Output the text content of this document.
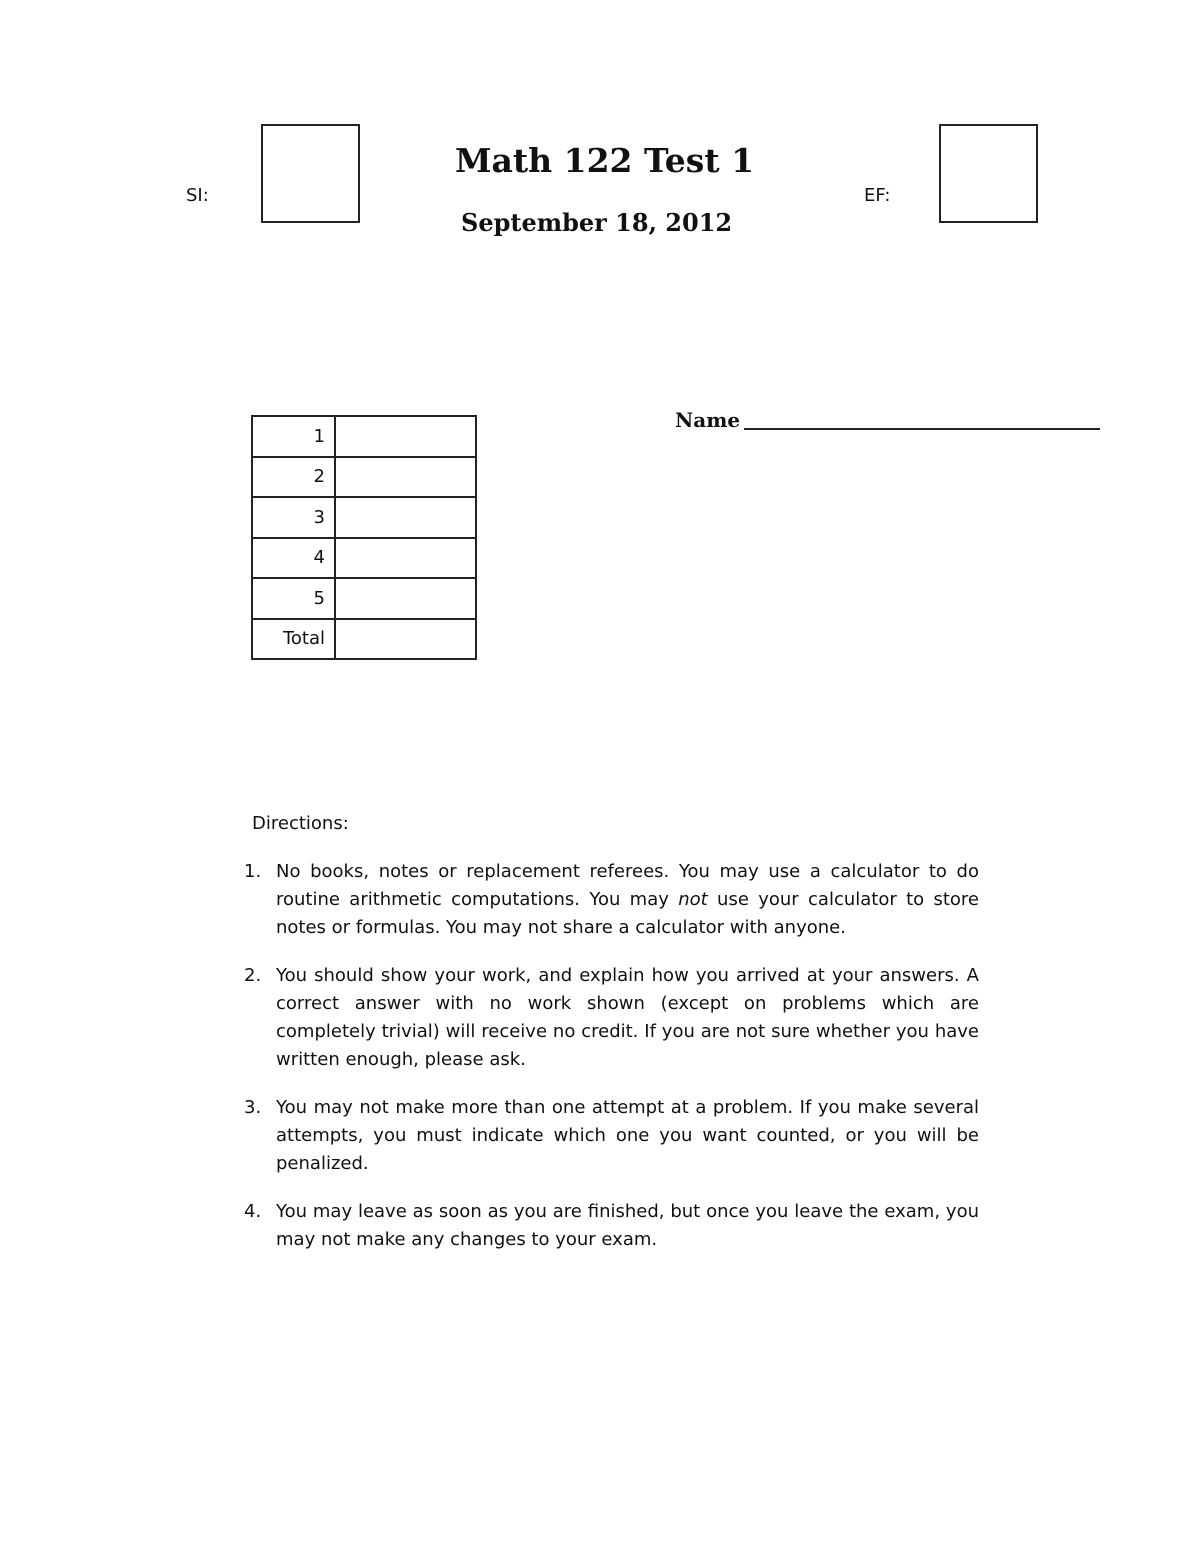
SI:
Math 122 Test 1
September 18, 2012
EF:
1	
2	
3	
4	
5	
Total	
Name
Directions:
1. No books, notes or replacement referees. You may use a calculator to do routine arithmetic computations. You may not use your calculator to store notes or formulas. You may not share a calculator with anyone.
2. You should show your work, and explain how you arrived at your answers. A correct answer with no work shown (except on problems which are completely trivial) will receive no credit. If you are not sure whether you have written enough, please ask.
3. You may not make more than one attempt at a problem. If you make several attempts, you must indicate which one you want counted, or you will be penalized.
4. You may leave as soon as you are finished, but once you leave the exam, you may not make any changes to your exam.
